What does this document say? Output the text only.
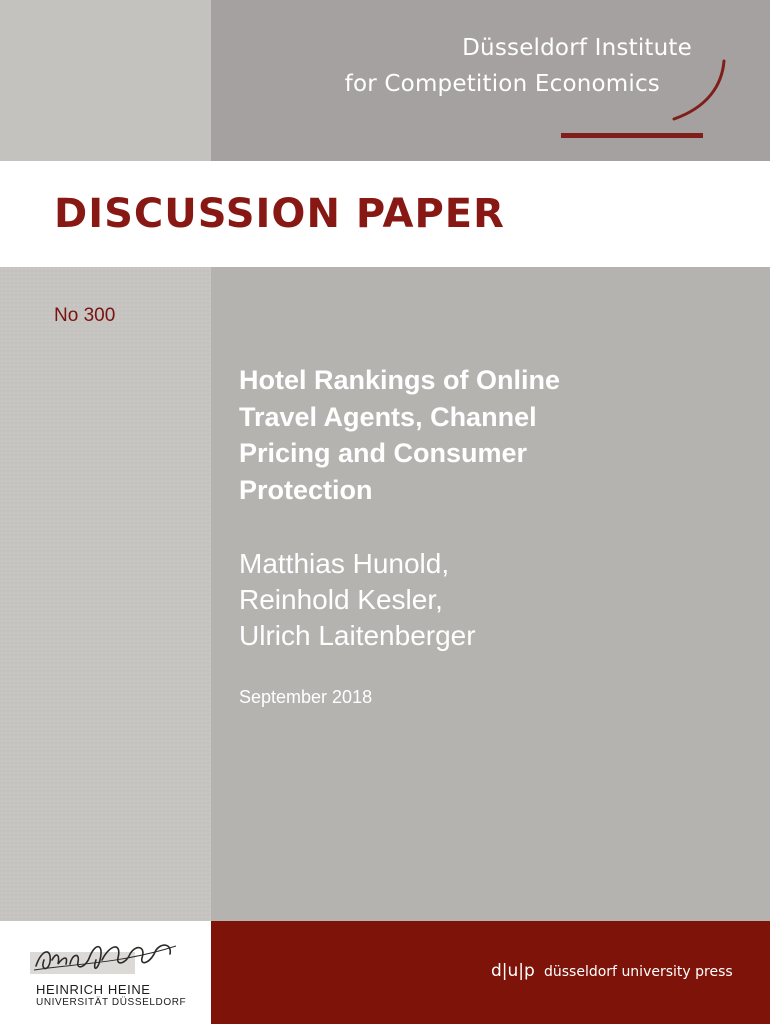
Düsseldorf Institute
for Competition Economics
DISCUSSION PAPER
No 300
Hotel Rankings of Online
Travel Agents, Channel
Pricing and Consumer
Protection
Matthias Hunold,
Reinhold Kesler,
Ulrich Laitenberger
September 2018
HEINRICH HEINE
UNIVERSITÄT DÜSSELDORF
d|u|p düsseldorf university press
